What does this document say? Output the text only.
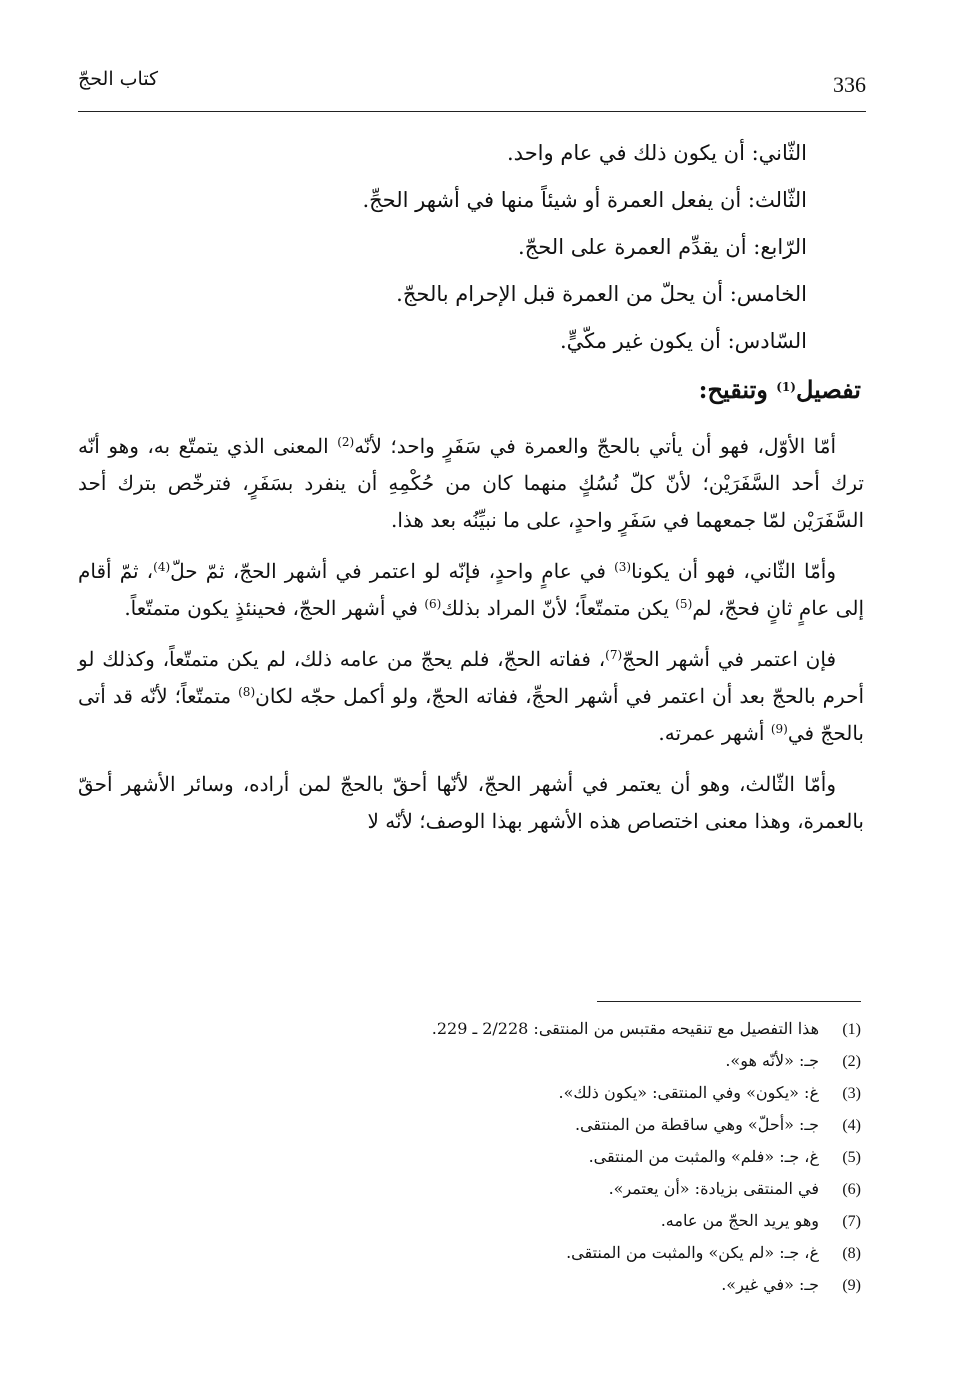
336
كتاب الحجّ
الثّاني: أن يكون ذلك في عام واحد.
الثّالث: أن يفعل العمرة أو شيئاً منها في أشهر الحجِّ.
الرّابع: أن يقدِّم العمرة على الحجّ.
الخامس: أن يحلّ من العمرة قبل الإحرام بالحجّ.
السّادس: أن يكون غير مكّيٍّ.
تفصيل$^{(1)}$ وتنقيح:

أمّا الأوّل، فهو أن يأتي بالحجّ والعمرة في سَفَرٍ واحد؛ لأنّه$^{(2)}$ المعنى الذي يتمتّع به، وهو أنّه ترك أحد السَّفَرَيْن؛ لأنّ كلّ نُسُكٍ منهما كان من حُكْمِهِ أن ينفرد بسَفَرٍ، فترخّص بترك أحد السَّفَرَيْن لمّا جمعهما في سَفَرٍ واحدٍ، على ما نبيِّنُه بعد هذا.

وأمّا الثّاني، فهو أن يكونا$^{(3)}$ في عامٍ واحدٍ، فإنّه لو اعتمر في أشهر الحجّ، ثمّ حلّ$^{(4)}$، ثمّ أقام إلى عامٍ ثانٍ فحجّ، لم$^{(5)}$ يكن متمتّعاً؛ لأنّ المراد بذلك$^{(6)}$ في أشهر الحجّ، فحينئذٍ يكون متمتّعاً.

فإن اعتمر في أشهر الحجّ$^{(7)}$، ففاته الحجّ، فلم يحجّ من عامه ذلك، لم يكن متمتّعاً، وكذلك لو أحرم بالحجّ بعد أن اعتمر في أشهر الحجِّ، ففاته الحجّ، ولو أكمل حجّه لكان$^{(8)}$ متمتّعاً؛ لأنّه قد أتى بالحجّ في$^{(9)}$ أشهر عمرته.

وأمّا الثّالث، وهو أن يعتمر في أشهر الحجّ، لأنّها أحقّ بالحجّ لمن أراده، وسائر الأشهر أحقّ بالعمرة، وهذا معنى اختصاص هذه الأشهر بهذا الوصف؛ لأنّه لا

(1)هذا التفصيل مع تنقيحه مقتبس من المنتقى: 2/228 ـ 229.
(2)جـ: «لأنّه هو».
(3)غ: «يكون» وفي المنتقى: «يكون ذلك».
(4)جـ: «أحلّ» وهي ساقطة من المنتقى.
(5)غ، جـ: «فلم» والمثبت من المنتقى.
(6)في المنتقى بزيادة: «أن يعتمر».
(7)وهو يريد الحجّ من عامه.
(8)غ، جـ: «لم يكن» والمثبت من المنتقى.
(9)جـ: «في غير».
